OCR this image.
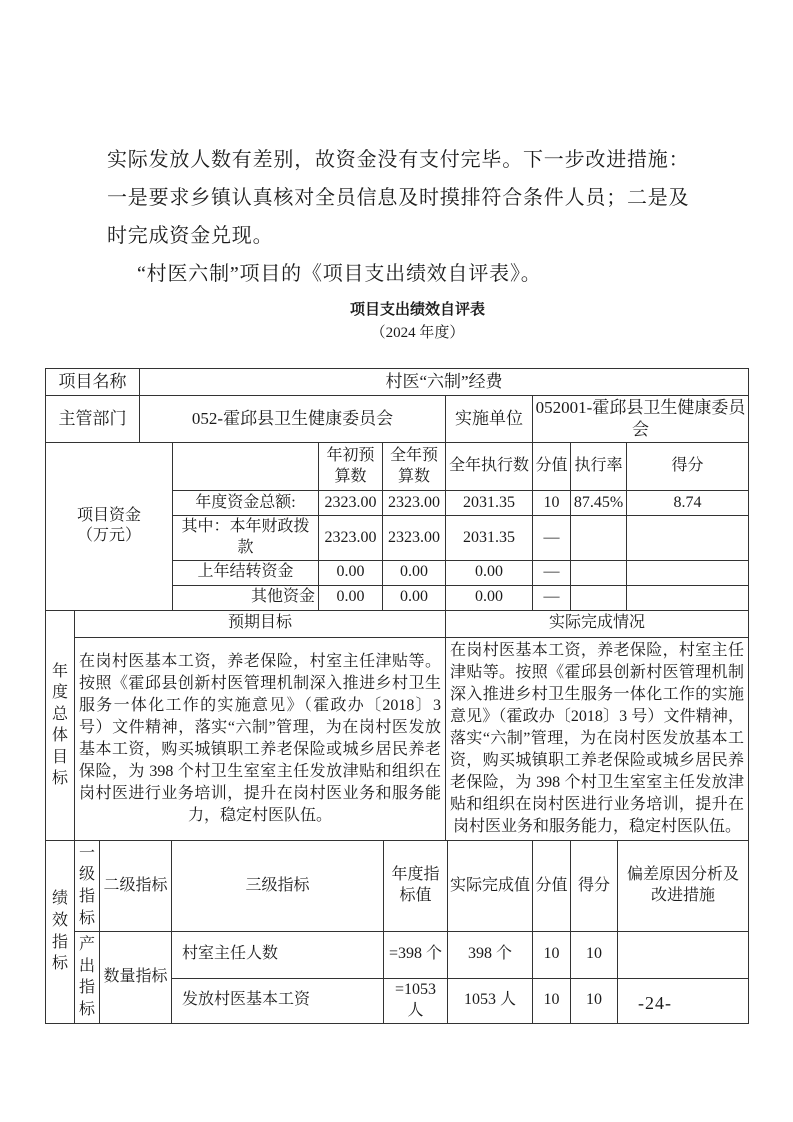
实际发放人数有差别，故资金没有支付完毕。下一步改进措施：
一是要求乡镇认真核对全员信息及时摸排符合条件人员；二是及
时完成资金兑现。
“村医六制”项目的《项目支出绩效自评表》。
项目支出绩效自评表
（2024 年度）
项目名称	村医“六制”经费		
主管部门	052-霍邱县卫生健康委员会	实施单位	052001-霍邱县卫生健康委员会
项目资金
（万元）		年初预算数	全年预算数	全年执行数	分值	执行率	得分
	年度资金总额:	2323.00	2323.00	2031.35	10	87.45%	8.74
	其中：本年财政拨款	2323.00	2323.00	2031.35	—		
	上年结转资金	0.00	0.00	0.00	—		
	其他资金	0.00	0.00	0.00	—		
年度总体目标	预期目标	实际完成情况
	在岗村医基本工资，养老保险，村室主任津贴等。按照《霍邱县创新村医管理机制深入推进乡村卫生服务一体化工作的实施意见》（霍政办〔2018〕3 号）文件精神，落实“六制”管理，为在岗村医发放基本工资，购买城镇职工养老保险或城乡居民养老保险，为 398 个村卫生室室主任发放津贴和组织在岗村医进行业务培训，提升在岗村医业务和服务能力，稳定村医队伍。	在岗村医基本工资，养老保险，村室主任津贴等。按照《霍邱县创新村医管理机制深入推进乡村卫生服务一体化工作的实施意见》（霍政办〔2018〕3 号）文件精神，落实“六制”管理，为在岗村医发放基本工资，购买城镇职工养老保险或城乡居民养老保险，为 398 个村卫生室室主任发放津贴和组织在岗村医进行业务培训，提升在岗村医业务和服务能力，稳定村医队伍。
绩效指标	一级指标	二级指标	三级指标	年度指标值	实际完成值	分值	得分	偏差原因分析及改进措施
	产出指标	数量指标	村室主任人数	=398 个	398 个	10	10	
			发放村医基本工资	=1053 人	1053 人	10	10	-24-
